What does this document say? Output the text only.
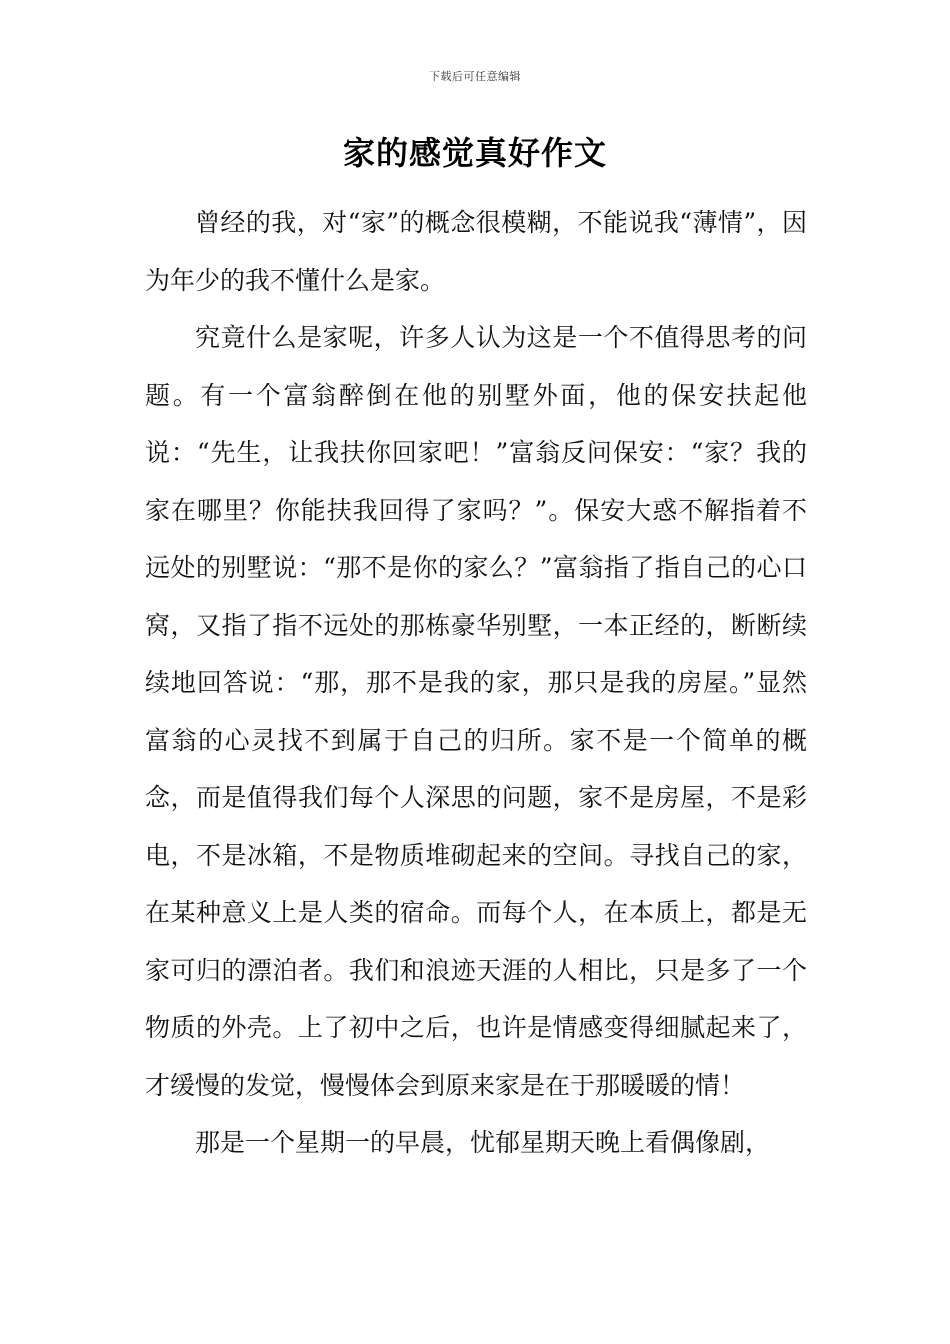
下载后可任意编辑
家的感觉真好作文

曾经的我，对“家”的概念很模糊，不能说我“薄情”，因为年少的我不懂什么是家。

究竟什么是家呢，许多人认为这是一个不值得思考的问题。有一个富翁醉倒在他的别墅外面，他的保安扶起他说：“先生，让我扶你回家吧！”富翁反问保安：“家？我的家在哪里？你能扶我回得了家吗？”。保安大惑不解指着不远处的别墅说：“那不是你的家么？”富翁指了指自己的心口窝，又指了指不远处的那栋豪华别墅，一本正经的，断断续续地回答说：“那，那不是我的家，那只是我的房屋。”显然富翁的心灵找不到属于自己的归所。家不是一个简单的概念，而是值得我们每个人深思的问题，家不是房屋，不是彩电，不是冰箱，不是物质堆砌起来的空间。寻找自己的家，在某种意义上是人类的宿命。而每个人，在本质上，都是无家可归的漂泊者。我们和浪迹天涯的人相比，只是多了一个物质的外壳。上了初中之后，也许是情感变得细腻起来了，才缓慢的发觉，慢慢体会到原来家是在于那暖暖的情！

那是一个星期一的早晨，忧郁星期天晚上看偶像剧，
